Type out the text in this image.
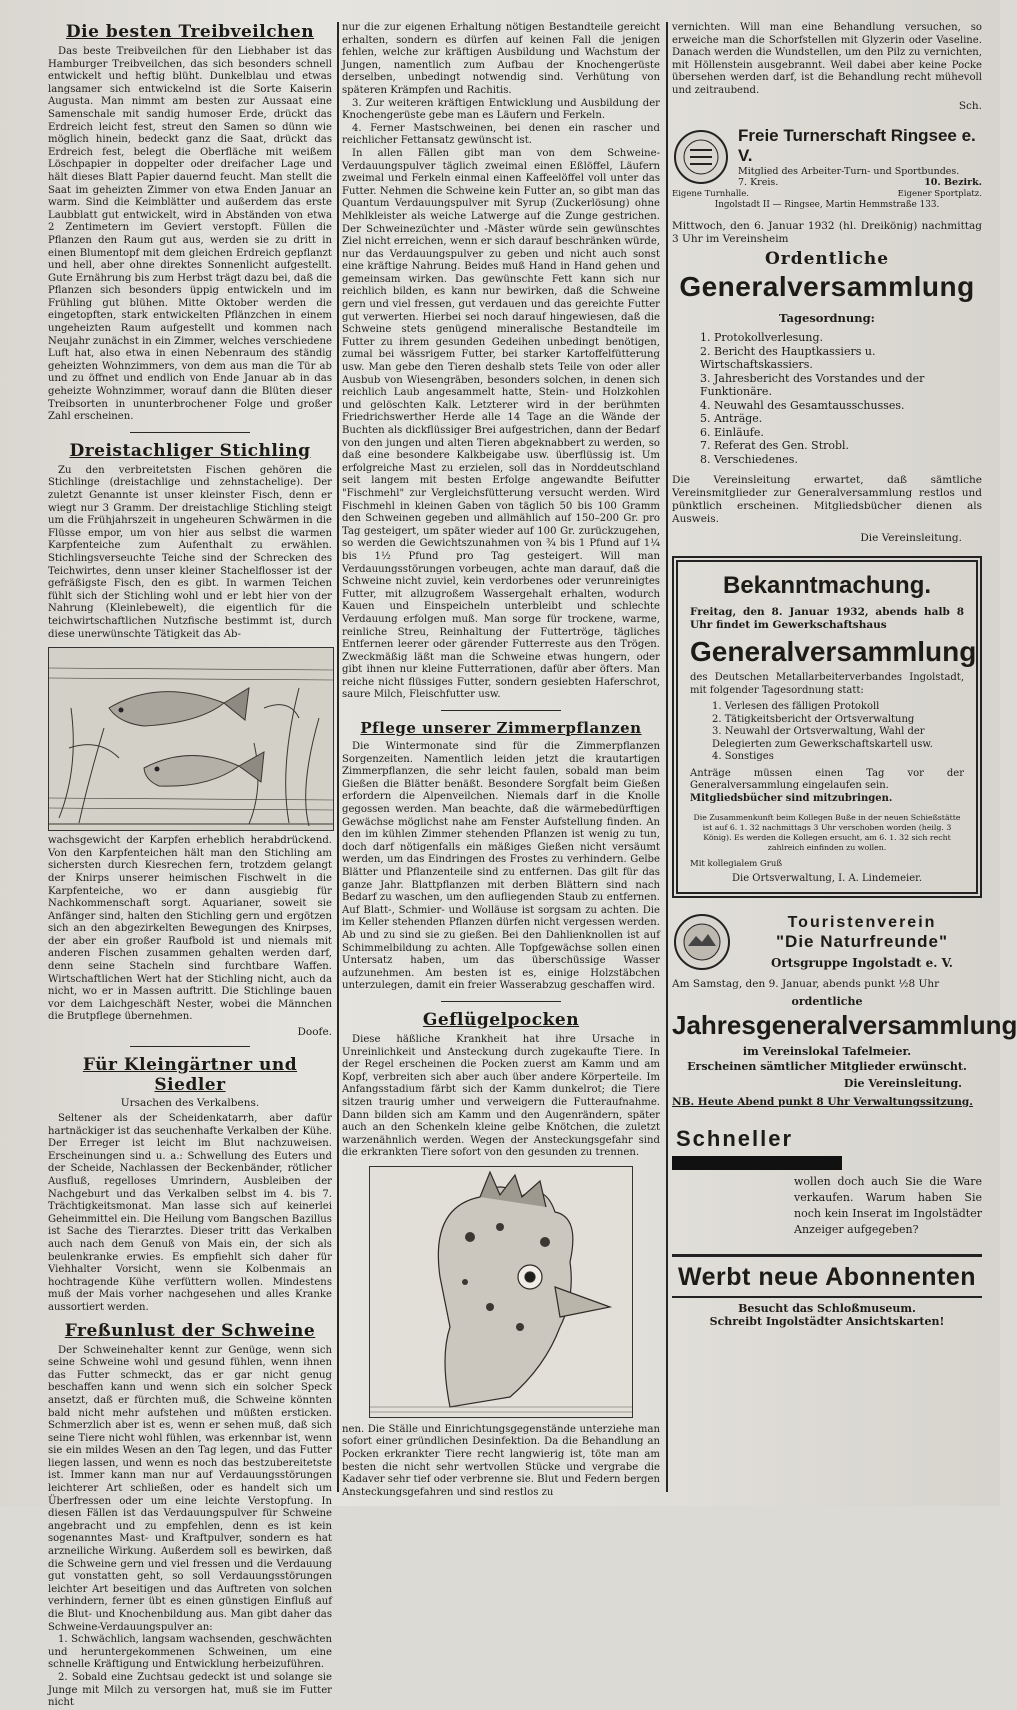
Die besten Treibveilchen

Das beste Treibveilchen für den Liebhaber ist das Hamburger Treibveilchen, das sich besonders schnell entwickelt und heftig blüht. Dunkelblau und etwas langsamer sich entwickelnd ist die Sorte Kaiserin Augusta. Man nimmt am besten zur Aussaat eine Samenschale mit sandig humoser Erde, drückt das Erdreich leicht fest, streut den Samen so dünn wie möglich hinein, bedeckt ganz die Saat, drückt das Erdreich fest, belegt die Oberfläche mit weißem Löschpapier in doppelter oder dreifacher Lage und hält dieses Blatt Papier dauernd feucht. Man stellt die Saat im geheizten Zimmer von etwa Enden Januar an warm. Sind die Keimblätter und außerdem das erste Laubblatt gut entwickelt, wird in Abständen von etwa 2 Zentimetern im Geviert verstopft. Füllen die Pflanzen den Raum gut aus, werden sie zu dritt in einen Blumentopf mit dem gleichen Erdreich gepflanzt und hell, aber ohne direktes Sonnenlicht aufgestellt. Gute Ernährung bis zum Herbst trägt dazu bei, daß die Pflanzen sich besonders üppig entwickeln und im Frühling gut blühen. Mitte Oktober werden die eingetopften, stark entwickelten Pflänzchen in einem ungeheizten Raum aufgestellt und kommen nach Neujahr zunächst in ein Zimmer, welches verschiedene Luft hat, also etwa in einen Nebenraum des ständig geheizten Wohnzimmers, von dem aus man die Tür ab und zu öffnet und endlich von Ende Januar ab in das geheizte Wohnzimmer, worauf dann die Blüten dieser Treibsorten in ununterbrochener Folge und großer Zahl erscheinen.

Dreistachliger Stichling

Zu den verbreitetsten Fischen gehören die Stichlinge (dreistachlige und zehnstachelige). Der zuletzt Genannte ist unser kleinster Fisch, denn er wiegt nur 3 Gramm. Der dreistachlige Stichling steigt um die Frühjahrszeit in ungeheuren Schwärmen in die Flüsse empor, um von hier aus selbst die warmen Karpfenteiche zum Aufenthalt zu erwählen. Stichlingsverseuchte Teiche sind der Schrecken des Teichwirtes, denn unser kleiner Stachelflosser ist der gefräßigste Fisch, den es gibt. In warmen Teichen fühlt sich der Stichling wohl und er lebt hier von der Nahrung (Kleinlebewelt), die eigentlich für die teichwirtschaftlichen Nutzfische bestimmt ist, durch diese unerwünschte Tätigkeit das Ab-

wachsgewicht der Karpfen erheblich herabdrückend. Von den Karpfenteichen hält man den Stichling am sichersten durch Kiesrechen fern, trotzdem gelangt der Knirps unserer heimischen Fischwelt in die Karpfenteiche, wo er dann ausgiebig für Nachkommenschaft sorgt. Aquarianer, soweit sie Anfänger sind, halten den Stichling gern und ergötzen sich an den abgezirkelten Bewegungen des Knirpses, der aber ein großer Raufbold ist und niemals mit anderen Fischen zusammen gehalten werden darf, denn seine Stacheln sind furchtbare Waffen. Wirtschaftlichen Wert hat der Stichling nicht, auch da nicht, wo er in Massen auftritt. Die Stichlinge bauen vor dem Laichgeschäft Nester, wobei die Männchen die Brutpflege übernehmen.

Doofe.
Für Kleingärtner und Siedler
Ursachen des Verkalbens.

Seltener als der Scheidenkatarrh, aber dafür hartnäckiger ist das seuchenhafte Verkalben der Kühe. Der Erreger ist leicht im Blut nachzuweisen. Erscheinungen sind u. a.: Schwellung des Euters und der Scheide, Nachlassen der Beckenbänder, rötlicher Ausfluß, regelloses Umrindern, Ausbleiben der Nachgeburt und das Verkalben selbst im 4. bis 7. Trächtigkeitsmonat. Man lasse sich auf keinerlei Geheimmittel ein. Die Heilung vom Bangschen Bazillus ist Sache des Tierarztes. Dieser tritt das Verkalben auch nach dem Genuß von Mais ein, der sich als beulenkranke erwies. Es empfiehlt sich daher für Viehhalter Vorsicht, wenn sie Kolbenmais an hochtragende Kühe verfüttern wollen. Mindestens muß der Mais vorher nachgesehen und alles Kranke aussortiert werden.

Freßunlust der Schweine

Der Schweinehalter kennt zur Genüge, wenn sich seine Schweine wohl und gesund fühlen, wenn ihnen das Futter schmeckt, das er gar nicht genug beschaffen kann und wenn sich ein solcher Speck ansetzt, daß er fürchten muß, die Schweine könnten bald nicht mehr aufstehen und müßten ersticken. Schmerzlich aber ist es, wenn er sehen muß, daß sich seine Tiere nicht wohl fühlen, was erkennbar ist, wenn sie ein mildes Wesen an den Tag legen, und das Futter liegen lassen, und wenn es noch das bestzubereitetste ist. Immer kann man nur auf Verdauungsstörungen leichterer Art schließen, oder es handelt sich um Überfressen oder um eine leichte Verstopfung. In diesen Fällen ist das Verdauungspulver für Schweine angebracht und zu empfehlen, denn es ist kein sogenanntes Mast- und Kraftpulver, sondern es hat arzneiliche Wirkung. Außerdem soll es bewirken, daß die Schweine gern und viel fressen und die Verdauung gut vonstatten geht, so soll Verdauungsstörungen leichter Art beseitigen und das Auftreten von solchen verhindern, ferner übt es einen günstigen Einfluß auf die Blut- und Knochenbildung aus. Man gibt daher das Schweine-Verdauungspulver an:

1. Schwächlich, langsam wachsenden, geschwächten und heruntergekommenen Schweinen, um eine schnelle Kräftigung und Entwicklung herbeizuführen.

2. Sobald eine Zuchtsau gedeckt ist und solange sie Junge mit Milch zu versorgen hat, muß sie im Futter nicht

nur die zur eigenen Erhaltung nötigen Bestandteile gereicht erhalten, sondern es dürfen auf keinen Fall die jenigen fehlen, welche zur kräftigen Ausbildung und Wachstum der Jungen, namentlich zum Aufbau der Knochengerüste derselben, unbedingt notwendig sind. Verhütung von späteren Krämpfen und Rachitis.

3. Zur weiteren kräftigen Entwicklung und Ausbildung der Knochengerüste gebe man es Läufern und Ferkeln.

4. Ferner Mastschweinen, bei denen ein rascher und reichlicher Fettansatz gewünscht ist.

In allen Fällen gibt man von dem Schweine-Verdauungspulver täglich zweimal einen Eßlöffel, Läufern zweimal und Ferkeln einmal einen Kaffeelöffel voll unter das Futter. Nehmen die Schweine kein Futter an, so gibt man das Quantum Verdauungspulver mit Syrup (Zuckerlösung) ohne Mehlkleister als weiche Latwerge auf die Zunge gestrichen. Der Schweinezüchter und -Mäster würde sein gewünschtes Ziel nicht erreichen, wenn er sich darauf beschränken würde, nur das Verdauungspulver zu geben und nicht auch sonst eine kräftige Nahrung. Beides muß Hand in Hand gehen und gemeinsam wirken. Das gewünschte Fett kann sich nur reichlich bilden, es kann nur bewirken, daß die Schweine gern und viel fressen, gut verdauen und das gereichte Futter gut verwerten. Hierbei sei noch darauf hingewiesen, daß die Schweine stets genügend mineralische Bestandteile im Futter zu ihrem gesunden Gedeihen unbedingt benötigen, zumal bei wässrigem Futter, bei starker Kartoffelfütterung usw. Man gebe den Tieren deshalb stets Teile von oder aller Ausbub von Wiesengräben, besonders solchen, in denen sich reichlich Laub angesammelt hatte, Stein- und Holzkohlen und gelöschten Kalk. Letzterer wird in der berühmten Friedrichswerther Herde alle 14 Tage an die Wände der Buchten als dickflüssiger Brei aufgestrichen, dann der Bedarf von den jungen und alten Tieren abgeknabbert zu werden, so daß eine besondere Kalkbeigabe usw. überflüssig ist. Um erfolgreiche Mast zu erzielen, soll das in Norddeutschland seit langem mit besten Erfolge angewandte Beifutter "Fischmehl" zur Vergleichsfütterung versucht werden. Wird Fischmehl in kleinen Gaben von täglich 50 bis 100 Gramm den Schweinen gegeben und allmählich auf 150–200 Gr. pro Tag gesteigert, um später wieder auf 100 Gr. zurückzugehen, so werden die Gewichtszunahmen von ¾ bis 1 Pfund auf 1¼ bis 1½ Pfund pro Tag gesteigert. Will man Verdauungsstörungen vorbeugen, achte man darauf, daß die Schweine nicht zuviel, kein verdorbenes oder verunreinigtes Futter, mit allzugroßem Wassergehalt erhalten, wodurch Kauen und Einspeicheln unterbleibt und schlechte Verdauung erfolgen muß. Man sorge für trockene, warme, reinliche Streu, Reinhaltung der Futtertröge, tägliches Entfernen leerer oder gärender Futterreste aus den Trögen. Zweckmäßig läßt man die Schweine etwas hungern, oder gibt ihnen nur kleine Futterrationen, dafür aber öfters. Man reiche nicht flüssiges Futter, sondern gesiebten Haferschrot, saure Milch, Fleischfutter usw.

Pflege unserer Zimmerpflanzen

Die Wintermonate sind für die Zimmerpflanzen Sorgenzeiten. Namentlich leiden jetzt die krautartigen Zimmerpflanzen, die sehr leicht faulen, sobald man beim Gießen die Blätter benäßt. Besondere Sorgfalt beim Gießen erfordern die Alpenveilchen. Niemals darf in die Knolle gegossen werden. Man beachte, daß die wärmebedürftigen Gewächse möglichst nahe am Fenster Aufstellung finden. An den im kühlen Zimmer stehenden Pflanzen ist wenig zu tun, doch darf nötigenfalls ein mäßiges Gießen nicht versäumt werden, um das Eindringen des Frostes zu verhindern. Gelbe Blätter und Pflanzenteile sind zu entfernen. Das gilt für das ganze Jahr. Blattpflanzen mit derben Blättern sind nach Bedarf zu waschen, um den aufliegenden Staub zu entfernen. Auf Blatt-, Schmier- und Wolläuse ist sorgsam zu achten. Die im Keller stehenden Pflanzen dürfen nicht vergessen werden. Ab und zu sind sie zu gießen. Bei den Dahlienknollen ist auf Schimmelbildung zu achten. Alle Topfgewächse sollen einen Untersatz haben, um das überschüssige Wasser aufzunehmen. Am besten ist es, einige Holzstäbchen unterzulegen, damit ein freier Wasserabzug geschaffen wird.

Geflügelpocken

Diese häßliche Krankheit hat ihre Ursache in Unreinlichkeit und Ansteckung durch zugekaufte Tiere. In der Regel erscheinen die Pocken zuerst am Kamm und am Kopf, verbreiten sich aber auch über andere Körperteile. Im Anfangsstadium färbt sich der Kamm dunkelrot; die Tiere sitzen traurig umher und verweigern die Futteraufnahme. Dann bilden sich am Kamm und den Augenrändern, später auch an den Schenkeln kleine gelbe Knötchen, die zuletzt warzenähnlich werden. Wegen der Ansteckungsgefahr sind die erkrankten Tiere sofort von den gesunden zu trennen.

nen. Die Ställe und Einrichtungsgegenstände unterziehe man sofort einer gründlichen Desinfektion. Da die Behandlung an Pocken erkrankter Tiere recht langwierig ist, töte man am besten die nicht sehr wertvollen Stücke und vergrabe die Kadaver sehr tief oder verbrenne sie. Blut und Federn bergen Ansteckungsgefahren und sind restlos zu

vernichten. Will man eine Behandlung versuchen, so erweiche man die Schorfstellen mit Glyzerin oder Vaseline. Danach werden die Wundstellen, um den Pilz zu vernichten, mit Höllenstein ausgebrannt. Weil dabei aber keine Pocke übersehen werden darf, ist die Behandlung recht mühevoll und zeitraubend.

Sch.
Freie Turnerschaft Ringsee e. V.
Mitglied des Arbeiter-Turn- und Sportbundes.
7. Kreis.	10. Bezirk.
Eigene Turnhalle.	Eigener Sportplatz.
Ingolstadt II — Ringsee, Martin Hemmstraße 133.
Mittwoch, den 6. Januar 1932 (hl. Dreikönig) nachmittag 3 Uhr im Vereinsheim
Ordentliche
Generalversammlung
Tagesordnung:
1. Protokollverlesung.
2. Bericht des Hauptkassiers u. Wirtschaftskassiers.
3. Jahresbericht des Vorstandes und der Funktionäre.
4. Neuwahl des Gesamtausschusses.
5. Anträge.
6. Einläufe.
7. Referat des Gen. Strobl.
8. Verschiedenes.
Die Vereinsleitung erwartet, daß sämtliche Vereinsmitglieder zur Generalversammlung restlos und pünktlich erscheinen. Mitgliedsbücher dienen als Ausweis.
Die Vereinsleitung.
Bekanntmachung.
Freitag, den 8. Januar 1932, abends halb 8 Uhr findet im Gewerkschaftshaus
Generalversammlung
des Deutschen Metallarbeiterverbandes Ingolstadt, mit folgender Tagesordnung statt:
1. Verlesen des fälligen Protokoll
2. Tätigkeitsbericht der Ortsverwaltung
3. Neuwahl der Ortsverwaltung, Wahl der Delegierten zum Gewerkschaftskartell usw.
4. Sonstiges
Anträge müssen einen Tag vor der Generalversammlung eingelaufen sein.
Mitgliedsbücher sind mitzubringen.
Die Zusammenkunft beim Kollegen Buße in der neuen Schießstätte ist auf 6. 1. 32 nachmittags 3 Uhr verschoben worden (heilg. 3 König). Es werden die Kollegen ersucht, am 6. 1. 32 sich recht zahlreich einfinden zu wollen.
Mit kollegialem Gruß
Die Ortsverwaltung, I. A. Lindemeier.
Touristenverein
"Die Naturfreunde"
Ortsgruppe Ingolstadt e. V.
Am Samstag, den 9. Januar, abends punkt ½8 Uhr
ordentliche
Jahresgeneralversammlung
im Vereinslokal Tafelmeier.
Erscheinen sämtlicher Mitglieder erwünscht.
Die Vereinsleitung.
NB. Heute Abend punkt 8 Uhr Verwaltungssitzung.
Schneller
wollen doch auch Sie die Ware verkaufen. Warum haben Sie noch kein Inserat im Ingolstädter Anzeiger aufgegeben?
Werbt neue Abonnenten
Besucht das Schloßmuseum.
Schreibt Ingolstädter Ansichtskarten!
